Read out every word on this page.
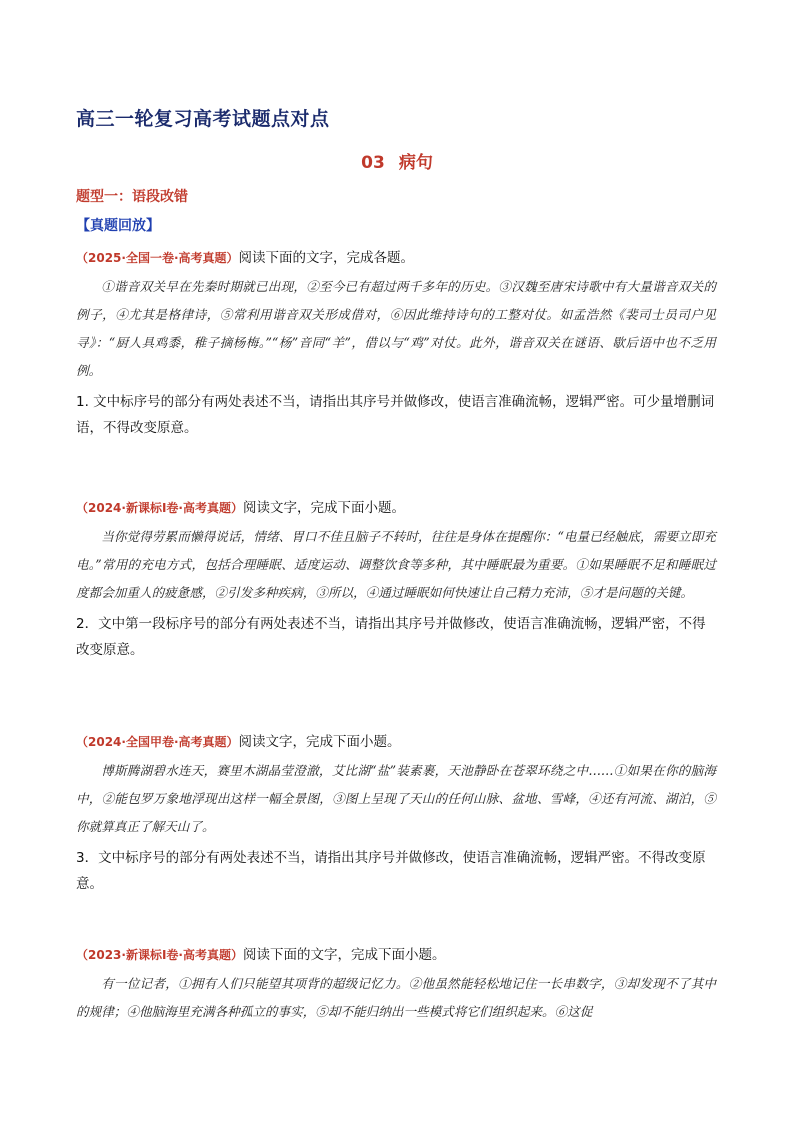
高三一轮复习高考试题点对点
03 病句
题型一：语段改错
【真题回放】
（2025·全国一卷·高考真题）阅读下面的文字，完成各题。
①谐音双关早在先秦时期就已出现，②至今已有超过两千多年的历史。③汉魏至唐宋诗歌中有大量谐音双关的例子，④尤其是格律诗，⑤常利用谐音双关形成借对，⑥因此维持诗句的工整对仗。如孟浩然《裴司士员司户见寻》：“厨人具鸡黍，稚子摘杨梅。”“杨”音同“羊”，借以与“鸡”对仗。此外，谐音双关在谜语、歇后语中也不乏用例。
1. 文中标序号的部分有两处表述不当，请指出其序号并做修改，使语言准确流畅，逻辑严密。可少量增删词语，不得改变原意。
（2024·新课标Ⅰ卷·高考真题）阅读文字，完成下面小题。
当你觉得劳累而懒得说话，情绪、胃口不佳且脑子不转时，往往是身体在提醒你：“电量已经触底，需要立即充电。”常用的充电方式，包括合理睡眠、适度运动、调整饮食等多种，其中睡眠最为重要。①如果睡眠不足和睡眠过度都会加重人的疲惫感，②引发多种疾病，③所以，④通过睡眠如何快速让自己精力充沛，⑤才是问题的关键。
2．文中第一段标序号的部分有两处表述不当，请指出其序号并做修改，使语言准确流畅，逻辑严密，不得改变原意。
（2024·全国甲卷·高考真题）阅读文字，完成下面小题。
博斯腾湖碧水连天，赛里木湖晶莹澄澈，艾比湖“盐”装素裹，天池静卧在苍翠环绕之中……①如果在你的脑海中，②能包罗万象地浮现出这样一幅全景图，③图上呈现了天山的任何山脉、盆地、雪峰，④还有河流、湖泊，⑤你就算真正了解天山了。
3．文中标序号的部分有两处表述不当，请指出其序号并做修改，使语言准确流畅，逻辑严密。不得改变原意。
（2023·新课标Ⅰ卷·高考真题）阅读下面的文字，完成下面小题。
有一位记者，①拥有人们只能望其项背的超级记忆力。②他虽然能轻松地记住一长串数字，③却发现不了其中的规律；④他脑海里充满各种孤立的事实，⑤却不能归纳出一些模式将它们组织起来。⑥这促
